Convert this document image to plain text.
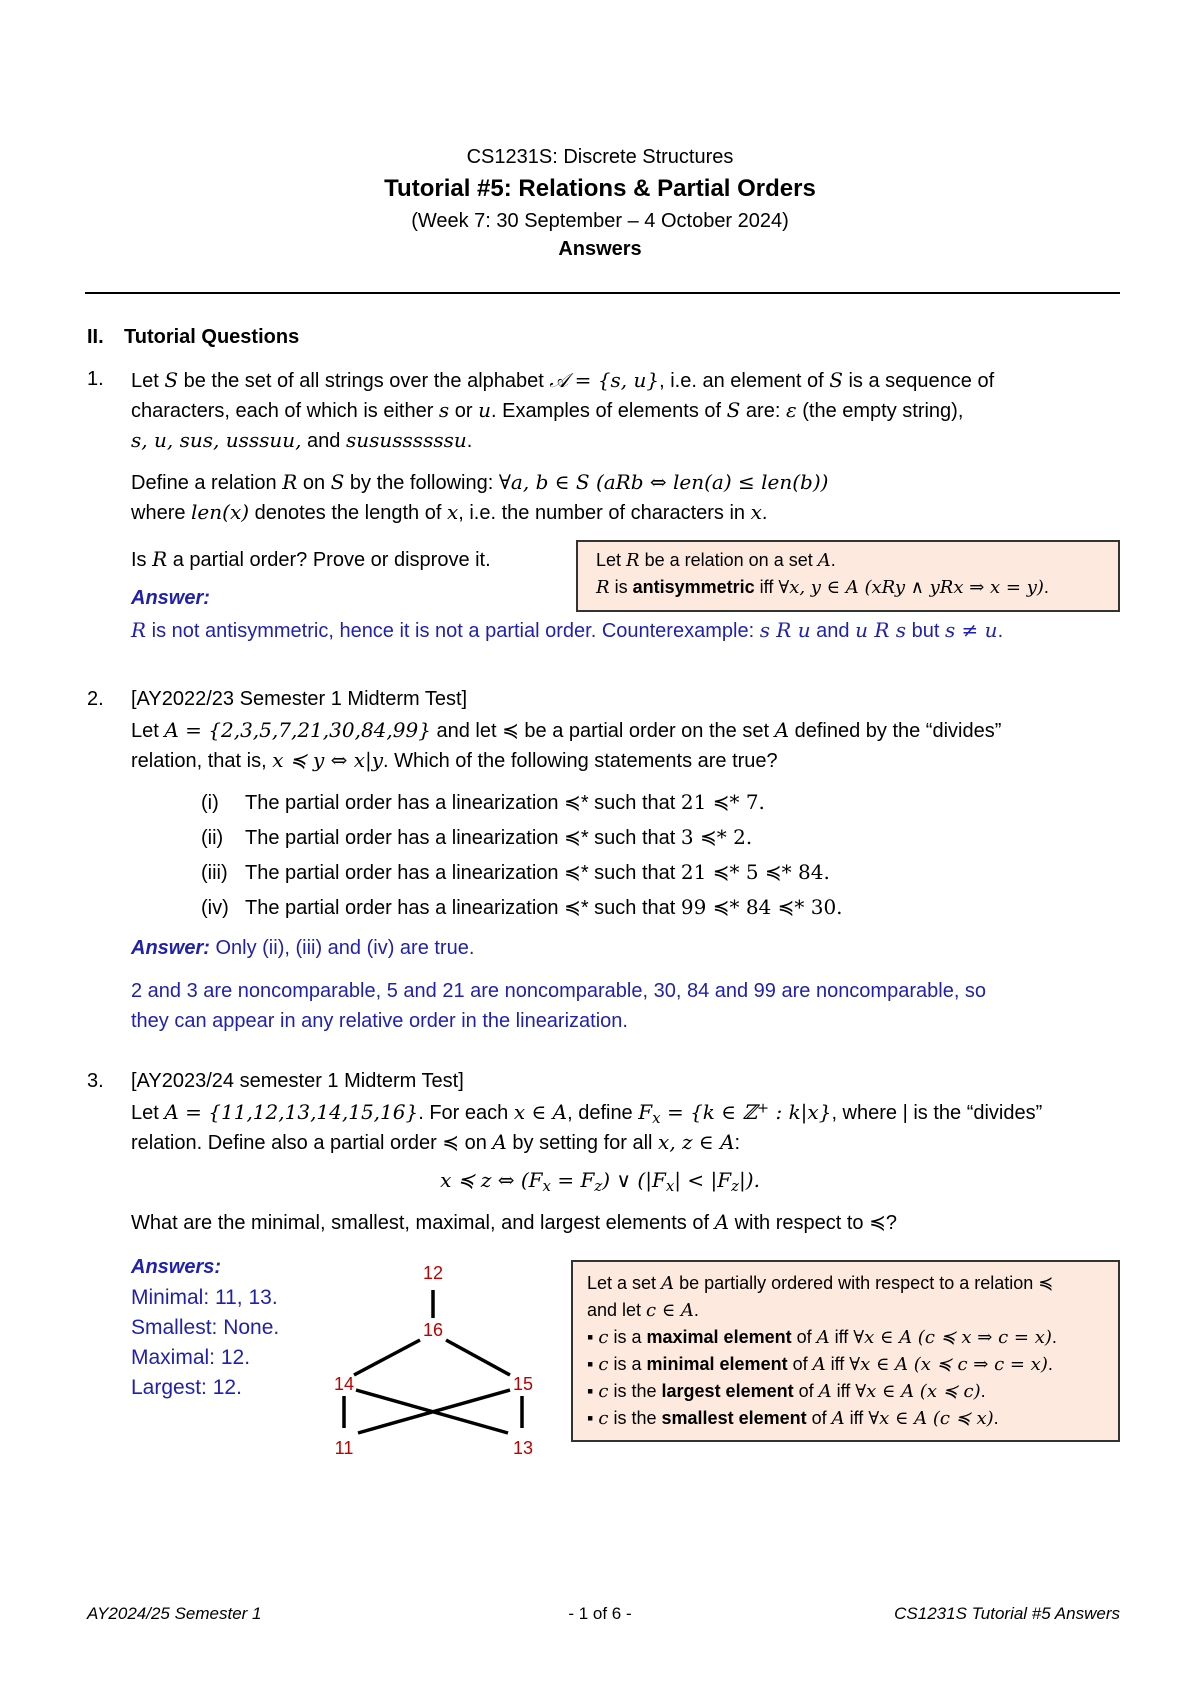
CS1231S: Discrete Structures
Tutorial #5: Relations & Partial Orders
(Week 7: 30 September – 4 October 2024)
Answers
II. Tutorial Questions
1. Let S be the set of all strings over the alphabet 𝒜 = {s, u}, i.e. an element of S is a sequence of
characters, each of which is either s or u. Examples of elements of S are: ε (the empty string),
s, u, sus, usssuu, and susussssssu.
Define a relation R on S by the following: ∀a, b ∈ S (aRb ⇔ len(a) ≤ len(b))
where len(x) denotes the length of x, i.e. the number of characters in x.
Is R a partial order? Prove or disprove it.
Answer:
R is not antisymmetric, hence it is not a partial order. Counterexample: s R u and u R s but s ≠ u.
Let R be a relation on a set A.
R is antisymmetric iff ∀x, y ∈ A (xRy ∧ yRx ⇒ x = y).
2. [AY2022/23 Semester 1 Midterm Test]
Let A = {2,3,5,7,21,30,84,99} and let ≼ be a partial order on the set A defined by the “divides”
relation, that is, x ≼ y ⇔ x|y. Which of the following statements are true?
(i) The partial order has a linearization ≼* such that 21 ≼* 7.
(ii) The partial order has a linearization ≼* such that 3 ≼* 2.
(iii) The partial order has a linearization ≼* such that 21 ≼* 5 ≼* 84.
(iv) The partial order has a linearization ≼* such that 99 ≼* 84 ≼* 30.
Answer: Only (ii), (iii) and (iv) are true.
2 and 3 are noncomparable, 5 and 21 are noncomparable, 30, 84 and 99 are noncomparable, so
they can appear in any relative order in the linearization.
3. [AY2023/24 semester 1 Midterm Test]
Let A = {11,12,13,14,15,16}. For each x ∈ A, define $F_x = \{k$ ∈ ℤ+ : k|x}, where | is the “divides”
relation. Define also a partial order ≼ on A by setting for all x, z ∈ A:
x ≼ z ⇔ $(F_x = F_z)$ ∨ $(|F_x| < |F_z|)$.
What are the minimal, smallest, maximal, and largest elements of A with respect to ≼?
Answers:
Minimal: 11, 13.
Smallest: None.
Maximal: 12.
Largest: 12.
12
16
14	15
11	13
Let a set A be partially ordered with respect to a relation ≼
and let c ∈ A.
▪ c is a maximal element of A iff ∀x ∈ A (c ≼ x ⇒ c = x).
▪ c is a minimal element of A iff ∀x ∈ A (x ≼ c ⇒ c = x).
▪ c is the largest element of A iff ∀x ∈ A (x ≼ c).
▪ c is the smallest element of A iff ∀x ∈ A (c ≼ x).
AY2024/25 Semester 1	- 1 of 6 -	CS1231S Tutorial #5 Answers
